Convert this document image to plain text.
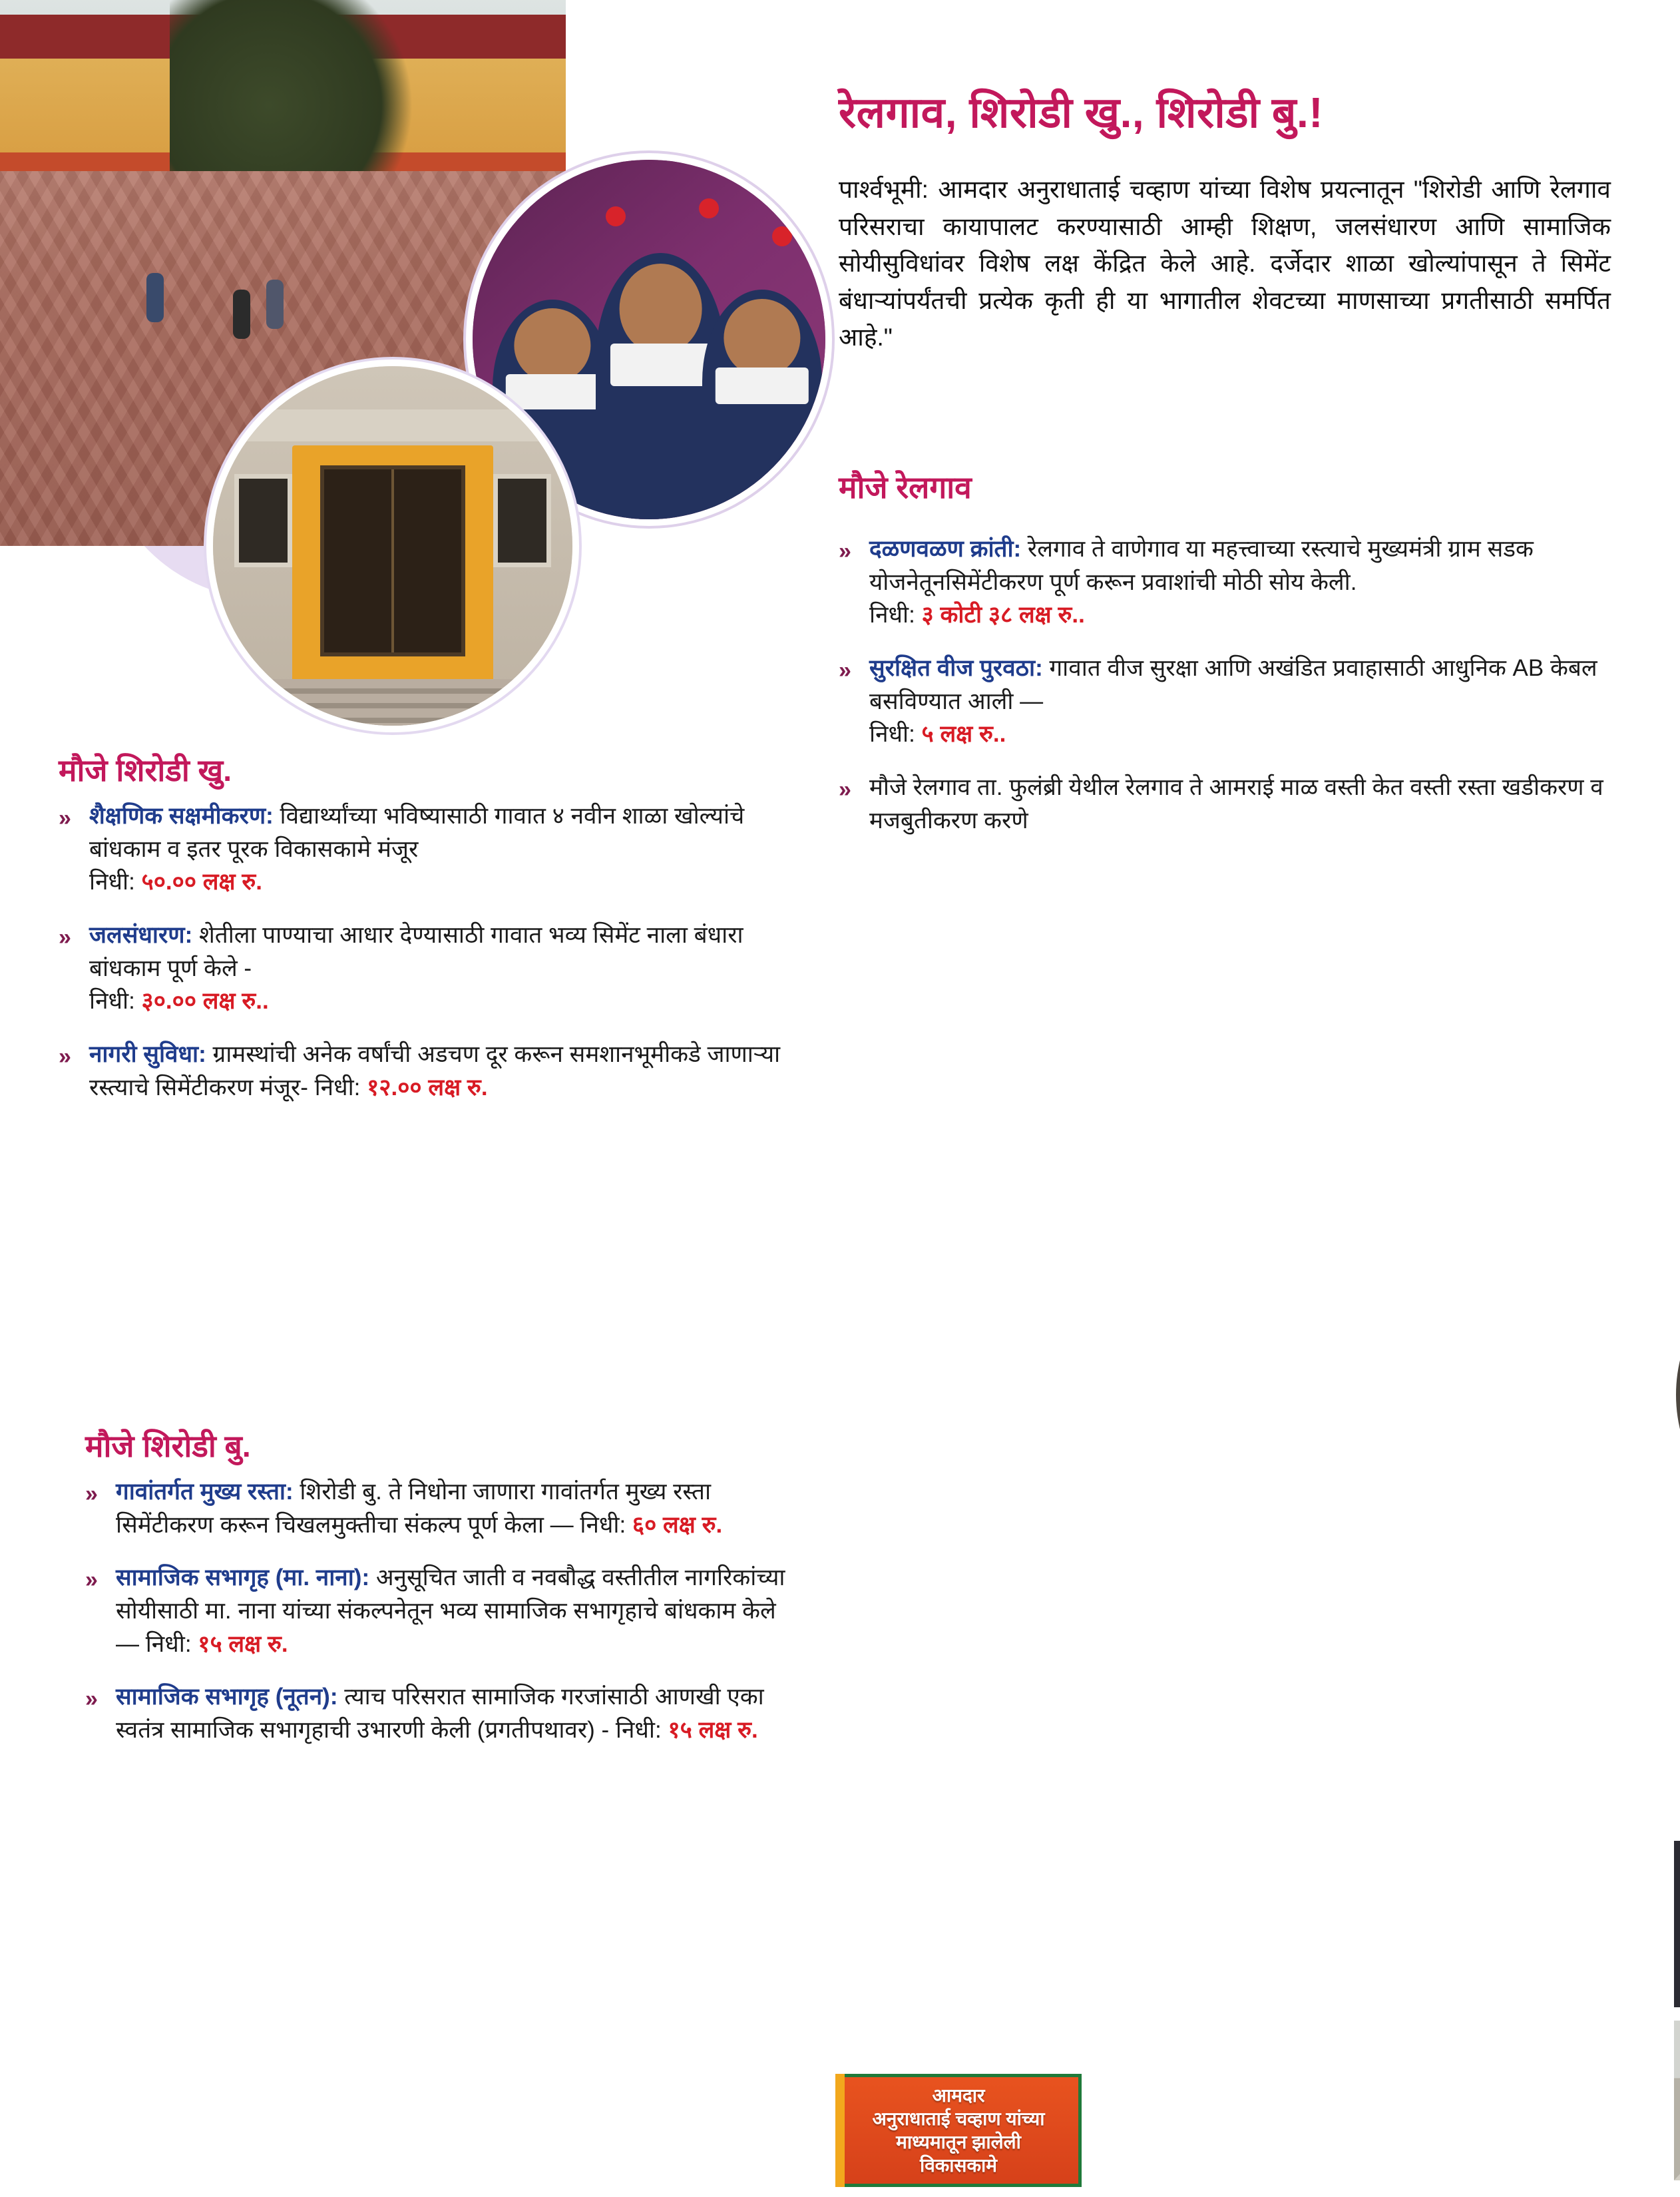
मौजे शिरोडी खु.
» शैक्षणिक सक्षमीकरण: विद्यार्थ्यांच्या भविष्यासाठी गावात ४ नवीन शाळा खोल्यांचे बांधकाम व इतर पूरक विकासकामे मंजूर
निधी: ५०.०० लक्ष रु.
» जलसंधारण: शेतीला पाण्याचा आधार देण्यासाठी गावात भव्य सिमेंट नाला बंधारा बांधकाम पूर्ण केले -
निधी: ३०.०० लक्ष रु..
» नागरी सुविधा: ग्रामस्थांची अनेक वर्षांची अडचण दूर करून समशानभूमीकडे जाणाऱ्या रस्त्याचे सिमेंटीकरण मंजूर- निधी: १२.०० लक्ष रु.
मौजे शिरोडी बु.
» गावांतर्गत मुख्य रस्ता: शिरोडी बु. ते निधोना जाणारा गावांतर्गत मुख्य रस्ता सिमेंटीकरण करून चिखलमुक्तीचा संकल्प पूर्ण केला — निधी: ६० लक्ष रु.
» सामाजिक सभागृह (मा. नाना): अनुसूचित जाती व नवबौद्ध वस्तीतील नागरिकांच्या सोयीसाठी मा. नाना यांच्या संकल्पनेतून भव्य सामाजिक सभागृहाचे बांधकाम केले — निधी: १५ लक्ष रु.
» सामाजिक सभागृह (नूतन): त्याच परिसरात सामाजिक गरजांसाठी आणखी एका स्वतंत्र सामाजिक सभागृहाची उभारणी केली (प्रगतीपथावर) - निधी: १५ लक्ष रु.
रेलगाव, शिरोडी खु., शिरोडी बु.!

पार्श्वभूमी: आमदार अनुराधाताई चव्हाण यांच्या विशेष प्रयत्नातून "शिरोडी आणि रेलगाव परिसराचा कायापालट करण्यासाठी आम्ही शिक्षण, जलसंधारण आणि सामाजिक सोयीसुविधांवर विशेष लक्ष केंद्रित केले आहे. दर्जेदार शाळा खोल्यांपासून ते सिमेंट बंधाऱ्यांपर्यंतची प्रत्येक कृती ही या भागातील शेवटच्या माणसाच्या प्रगतीसाठी समर्पित आहे."

मौजे रेलगाव
» दळणवळण क्रांती: रेलगाव ते वाणेगाव या महत्त्वाच्या रस्त्याचे मुख्यमंत्री ग्राम सडक योजनेतूनसिमेंटीकरण पूर्ण करून प्रवाशांची मोठी सोय केली.
निधी: ३ कोटी ३८ लक्ष रु..
» सुरक्षित वीज पुरवठा: गावात वीज सुरक्षा आणि अखंडित प्रवाहासाठी आधुनिक AB केबल बसविण्यात आली —
निधी: ५ लक्ष रु..
» मौजे रेलगाव ता. फुलंब्री येथील रेलगाव ते आमराई माळ वस्ती केत वस्ती रस्ता खडीकरण व मजबुतीकरण करणे
आमदार
अनुराधाताई चव्हाण यांच्या
माध्यमातून झालेली
विकासकामे
